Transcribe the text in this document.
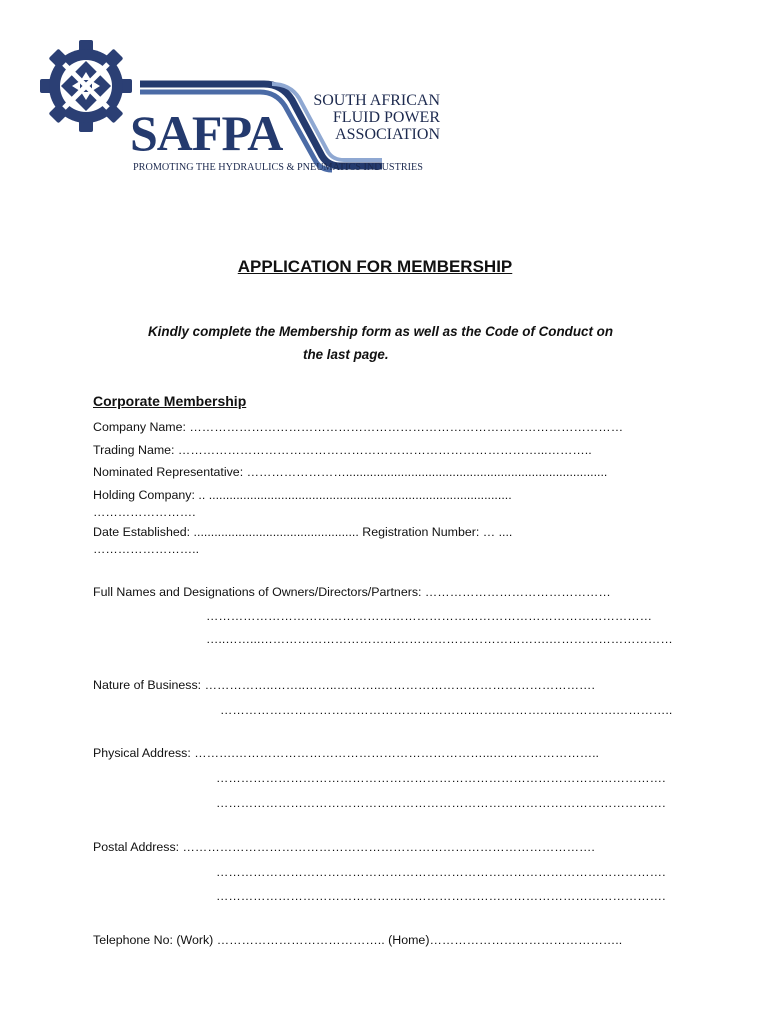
SAFPA
SOUTH AFRICAN
FLUID POWER
ASSOCIATION
PROMOTING THE HYDRAULICS & PNEUMATICS INDUSTRIES
APPLICATION FOR MEMBERSHIP
Kindly complete the Membership form as well as the Code of Conduct on
the last page.
Corporate Membership
Company Name: ……………………………………………………………………………………………
Trading Name: ……………………………………………………………………………...………..
Nominated Representative: ……………………............................................................................
Holding Company: .. ........................................................................................
…………………….
Date Established: ................................................ Registration Number: … ....
……………………..
Full Names and Designations of Owners/Directors/Partners: ………………………………………
………………………………………………………………………………………………
…..……...…………………………………………………………….…………………………
Nature of Business: ……………..……..……..………..…………………………………………….
…………………………………………………….……..……….…..………….…………..
Physical Address: ……….……………………………………………………...……………………..
……………………………………………………………………………………………….
……………………………………………………………………………………………….
Postal Address: ……………………………………………………………………………………….
……………………………………………………………………………………………….
……………………………………………………………………………………………….
Telephone No: (Work) ………………………………….. (Home)………………………………………..
